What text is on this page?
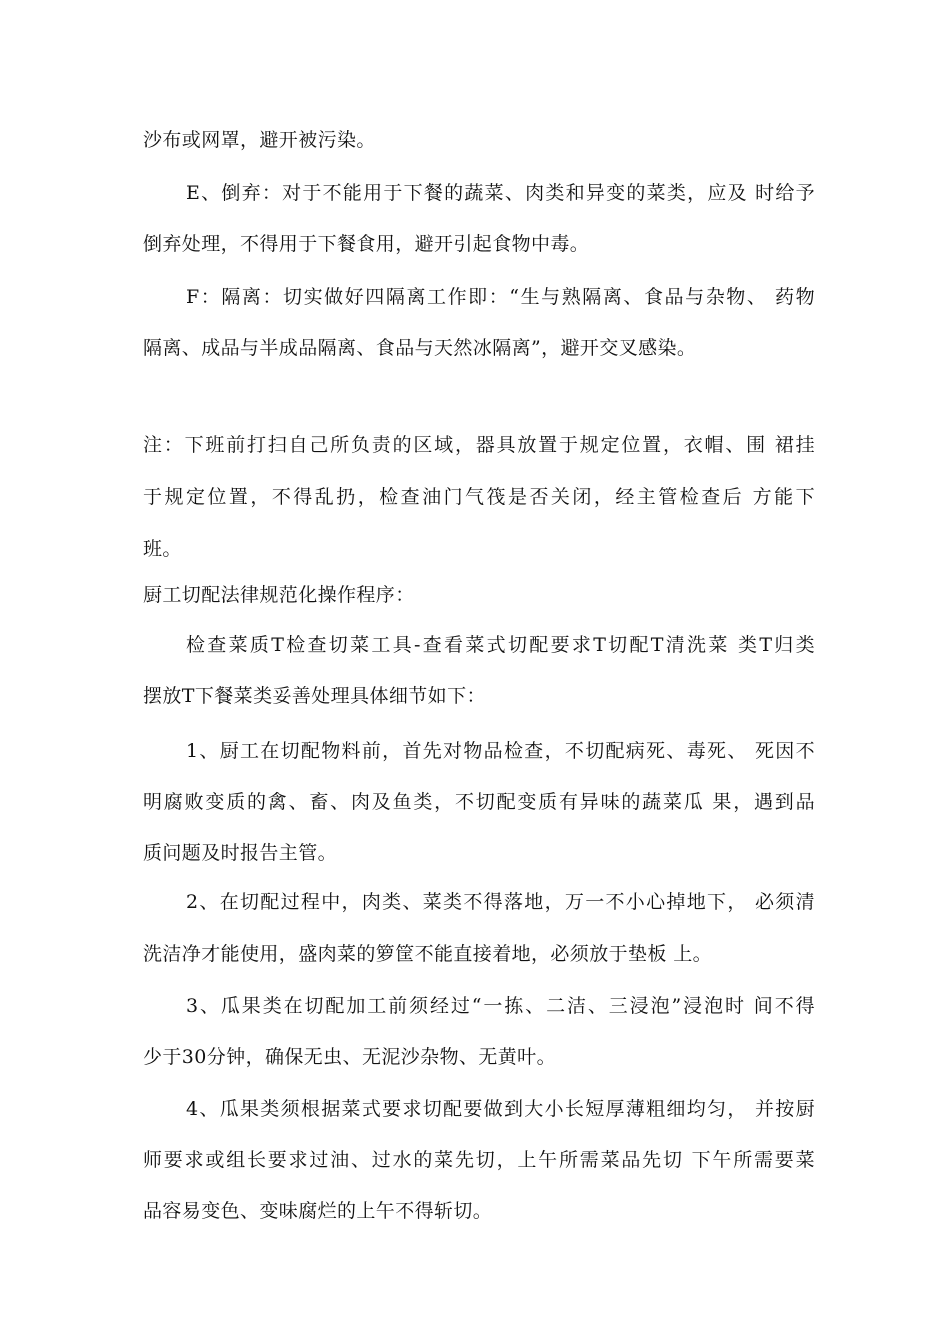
沙布或网罩，避开被污染。
E、倒弃：对于不能用于下餐的蔬菜、肉类和异变的菜类，应及 时给予
倒弃处理，不得用于下餐食用，避开引起食物中毒。
F：隔离：切实做好四隔离工作即：“生与熟隔离、食品与杂物、 药物
隔离、成品与半成品隔离、食品与天然冰隔离”，避开交叉感染。
注：下班前打扫自己所负责的区域，器具放置于规定位置，衣帽、围 裙挂
于规定位置，不得乱扔，检查油门气筏是否关闭，经主管检查后 方能下
班。
厨工切配法律规范化操作程序：
检查菜质T检查切菜工具-查看菜式切配要求T切配T清洗菜 类T归类
摆放T下餐菜类妥善处理具体细节如下：
1、厨工在切配物料前，首先对物品检查，不切配病死、毒死、 死因不
明腐败变质的禽、畜、肉及鱼类，不切配变质有异味的蔬菜瓜 果，遇到品
质问题及时报告主管。
2、在切配过程中，肉类、菜类不得落地，万一不小心掉地下， 必须清
洗洁净才能使用，盛肉菜的箩筐不能直接着地，必须放于垫板 上。
3、瓜果类在切配加工前须经过“一拣、二洁、三浸泡”浸泡时 间不得
少于30分钟，确保无虫、无泥沙杂物、无黄叶。
4、瓜果类须根据菜式要求切配要做到大小长短厚薄粗细均匀， 并按厨
师要求或组长要求过油、过水的菜先切，上午所需菜品先切 下午所需要菜
品容易变色、变味腐烂的上午不得斩切。
